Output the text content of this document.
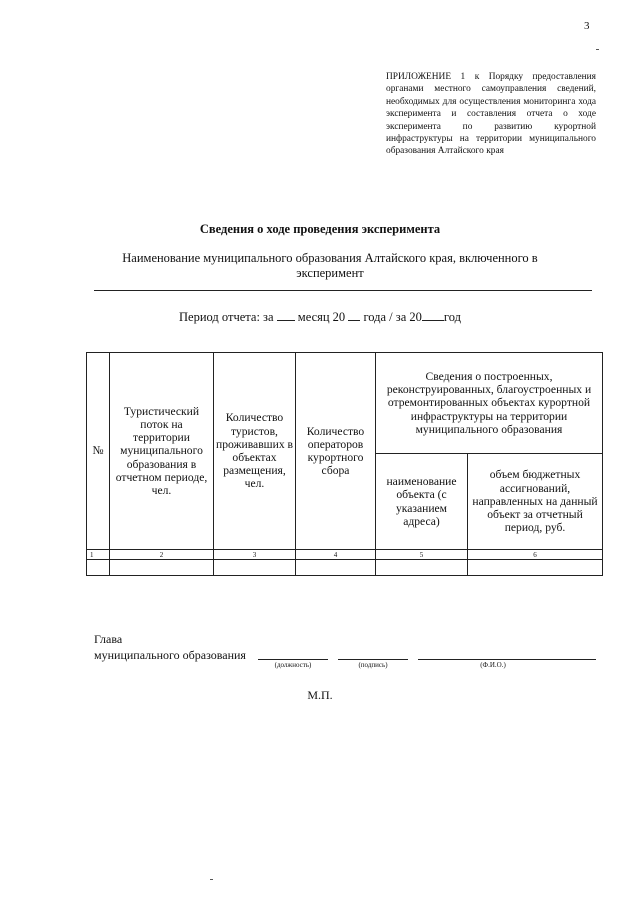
3
ПРИЛОЖЕНИЕ 1 к Порядку предоставления органами местного самоуправления сведений, необходимых для осуществления мониторинга хода эксперимента и составления отчета о ходе эксперимента по развитию курортной инфраструктуры на территории муниципального образования Алтайского края
Сведения о ходе проведения эксперимента
Наименование муниципального образования Алтайского края, включенного в эксперимент
Период отчета: за месяц 20 года / за 20 год
№	Туристический поток на территории муниципального образования в отчетном периоде, чел.	Количество туристов, проживавших в объектах размещения, чел.	Количество операторов курортного сбора	Сведения о построенных, реконструированных, благоустроенных и отремонтированных объектах курортной инфраструктуры на территории муниципального образования	
				наименование объекта (с указанием адреса)	объем бюджетных ассигнований, направленных на данный объект за отчетный период, руб.
1	2	3	4	5	6

Глава
муниципального образования
(должность)	(подпись)	(Ф.И.О.)
М.П.
